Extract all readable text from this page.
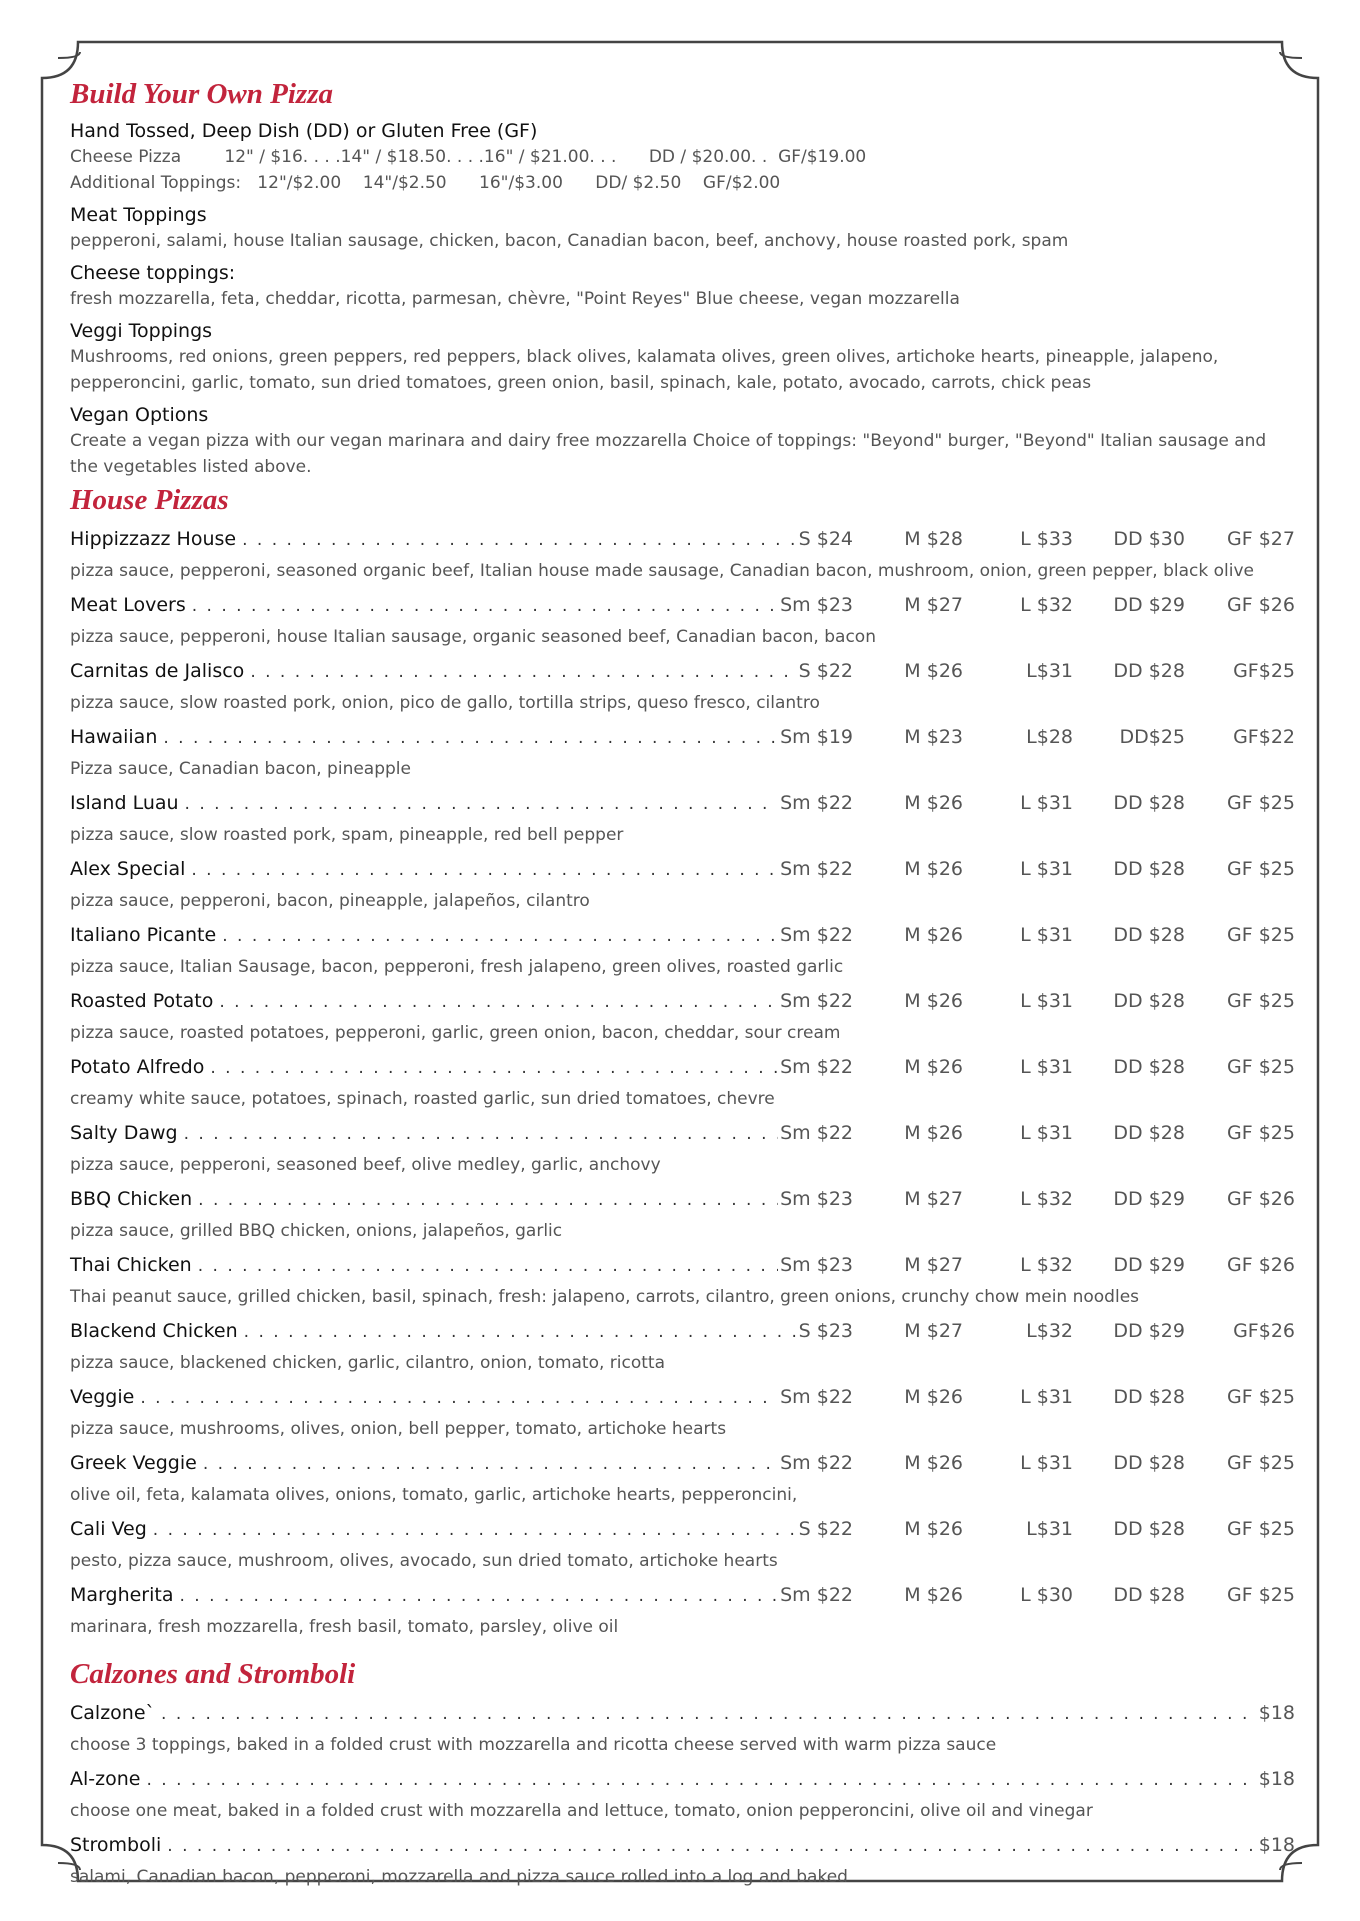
Build Your Own Pizza
Hand Tossed, Deep Dish (DD) or Gluten Free (GF)
Cheese Pizza        12" / $16. . . .14" / $18.50. . . .16" / $21.00. . .      DD / $20.00. .  GF/$19.00
Additional Toppings:   12"/$2.00    14"/$2.50      16"/$3.00      DD/ $2.50    GF/$2.00
Meat Toppings
pepperoni, salami, house Italian sausage, chicken, bacon, Canadian bacon, beef, anchovy, house roasted pork, spam
Cheese toppings:
fresh mozzarella, feta, cheddar, ricotta, parmesan, chèvre, "Point Reyes" Blue cheese, vegan mozzarella
Veggi Toppings
Mushrooms, red onions, green peppers, red peppers, black olives, kalamata olives, green olives, artichoke hearts, pineapple, jalapeno, pepperoncini, garlic, tomato, sun dried tomatoes, green onion, basil, spinach, kale, potato, avocado, carrots, chick peas
Vegan Options
Create a vegan pizza with our vegan marinara and dairy free mozzarella Choice of toppings: "Beyond" burger, "Beyond" Italian sausage and the vegetables listed above.
House Pizzas
Hippizzazz House . . .	S $24	M $28	L $33	DD $30	GF $27
pizza sauce, pepperoni, seasoned organic beef, Italian house made sausage, Canadian bacon, mushroom, onion, green pepper, black olive
Meat Lovers . . .	Sm $23	M $27	L $32	DD $29	GF $26
pizza sauce, pepperoni, house Italian sausage, organic seasoned beef, Canadian bacon, bacon
Carnitas de Jalisco . . .	S $22	M $26	L$31	DD $28	GF$25
pizza sauce, slow roasted pork, onion, pico de gallo, tortilla strips, queso fresco, cilantro
Hawaiian . . .	Sm $19	M $23	L$28	DD$25	GF$22
Pizza sauce, Canadian bacon, pineapple
Island Luau . . .	Sm $22	M $26	L $31	DD $28	GF $25
pizza sauce, slow roasted pork, spam, pineapple, red bell pepper
Alex Special . . .	Sm $22	M $26	L $31	DD $28	GF $25
pizza sauce, pepperoni, bacon, pineapple, jalapeños, cilantro
Italiano Picante . . .	Sm $22	M $26	L $31	DD $28	GF $25
pizza sauce, Italian Sausage, bacon, pepperoni, fresh jalapeno, green olives, roasted garlic
Roasted Potato . . .	Sm $22	M $26	L $31	DD $28	GF $25
pizza sauce, roasted potatoes, pepperoni, garlic, green onion, bacon, cheddar, sour cream
Potato Alfredo . . .	Sm $22	M $26	L $31	DD $28	GF $25
creamy white sauce, potatoes, spinach, roasted garlic, sun dried tomatoes, chevre
Salty Dawg . . .	Sm $22	M $26	L $31	DD $28	GF $25
pizza sauce, pepperoni, seasoned beef, olive medley, garlic, anchovy
BBQ Chicken . . .	Sm $23	M $27	L $32	DD $29	GF $26
pizza sauce, grilled BBQ chicken, onions, jalapeños, garlic
Thai Chicken . . .	Sm $23	M $27	L $32	DD $29	GF $26
Thai peanut sauce, grilled chicken, basil, spinach, fresh: jalapeno, carrots, cilantro, green onions, crunchy chow mein noodles
Blackend Chicken . . .	S $23	M $27	L$32	DD $29	GF$26
pizza sauce, blackened chicken, garlic, cilantro, onion, tomato, ricotta
Veggie . . .	Sm $22	M $26	L $31	DD $28	GF $25
pizza sauce, mushrooms, olives, onion, bell pepper, tomato, artichoke hearts
Greek Veggie . . .	Sm $22	M $26	L $31	DD $28	GF $25
olive oil, feta, kalamata olives, onions, tomato, garlic, artichoke hearts, pepperoncini,
Cali Veg . . .	S $22	M $26	L$31	DD $28	GF $25
pesto, pizza sauce, mushroom, olives, avocado, sun dried tomato, artichoke hearts
Margherita . . .	Sm $22	M $26	L $30	DD $28	GF $25
marinara, fresh mozzarella, fresh basil, tomato, parsley, olive oil
Calzones and Stromboli
Calzone` . . .	$18
choose 3 toppings, baked in a folded crust with mozzarella and ricotta cheese served with warm pizza sauce
Al-zone . . .	$18
choose one meat, baked in a folded crust with mozzarella and lettuce, tomato, onion pepperoncini, olive oil and vinegar
Stromboli . . .	$18
salami, Canadian bacon, pepperoni, mozzarella and pizza sauce rolled into a log and baked
